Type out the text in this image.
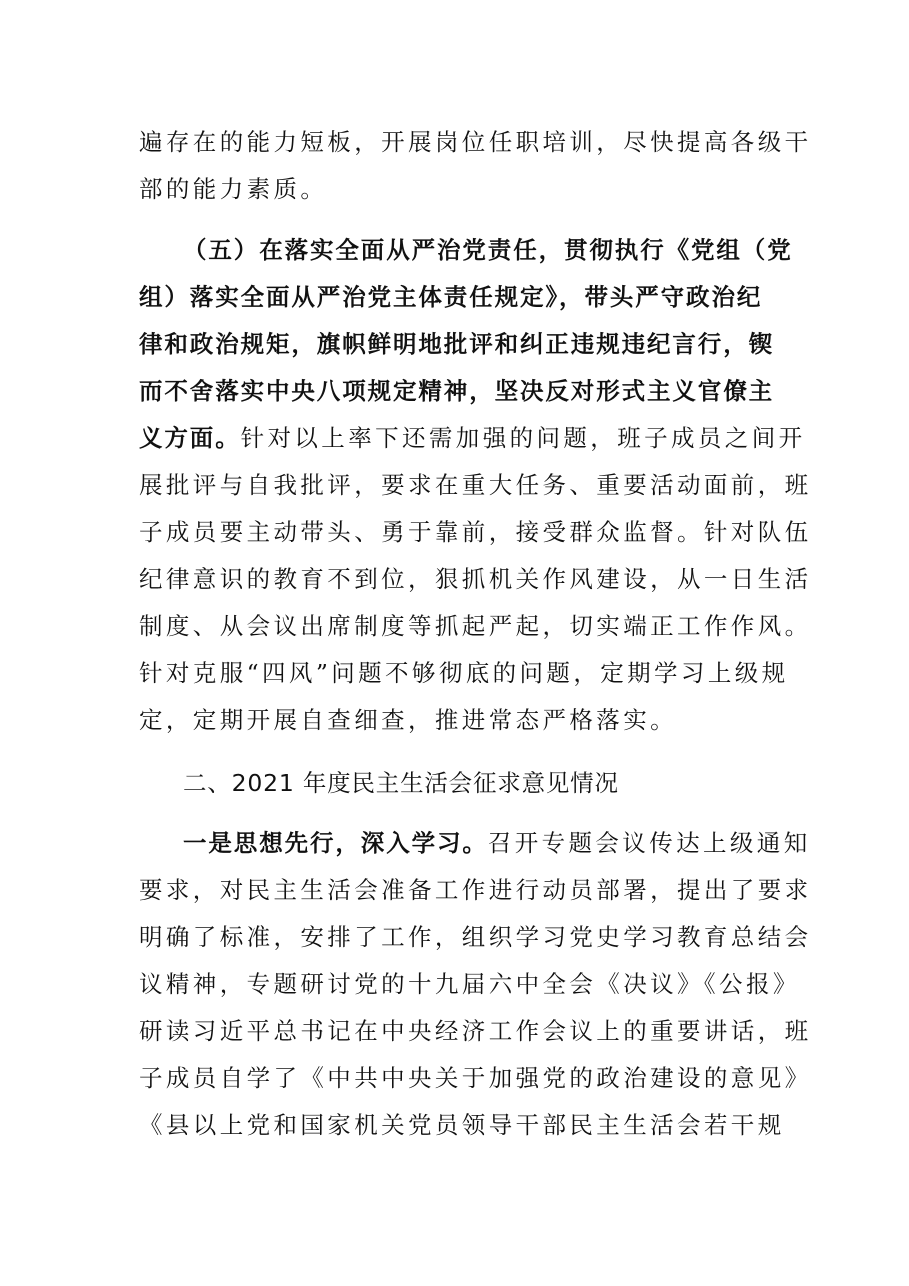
遍存在的能力短板，开展岗位任职培训，尽快提高各级干
部的能力素质。
（五）在落实全面从严治党责任，贯彻执行《党组（党
组）落实全面从严治党主体责任规定》，带头严守政治纪
律和政治规矩，旗帜鲜明地批评和纠正违规违纪言行，锲
而不舍落实中央八项规定精神，坚决反对形式主义官僚主
义方面。针对以上率下还需加强的问题，班子成员之间开
展批评与自我批评，要求在重大任务、重要活动面前，班
子成员要主动带头、勇于靠前，接受群众监督。针对队伍
纪律意识的教育不到位，狠抓机关作风建设，从一日生活
制度、从会议出席制度等抓起严起，切实端正工作作风。
针对克服“四风”问题不够彻底的问题，定期学习上级规
定，定期开展自查细查，推进常态严格落实。
二、2021 年度民主生活会征求意见情况
一是思想先行，深入学习。召开专题会议传达上级通知
要求，对民主生活会准备工作进行动员部署，提出了要求
明确了标准，安排了工作，组织学习党史学习教育总结会
议精神，专题研讨党的十九届六中全会《决议》《公报》
研读习近平总书记在中央经济工作会议上的重要讲话，班
子成员自学了《中共中央关于加强党的政治建设的意见》
《县以上党和国家机关党员领导干部民主生活会若干规
